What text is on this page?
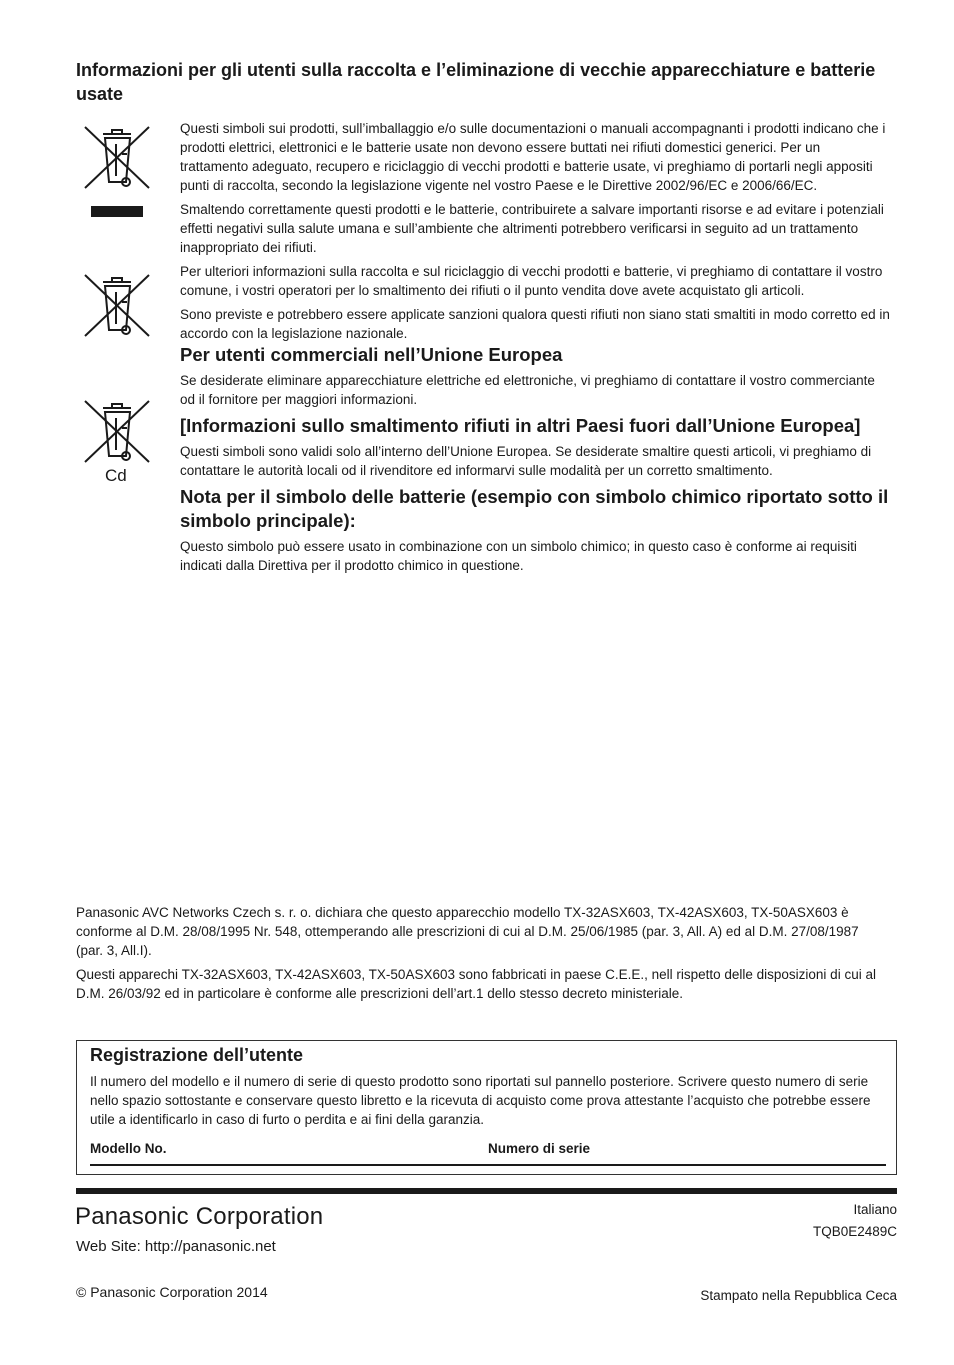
Informazioni per gli utenti sulla raccolta e l’eliminazione di vecchie apparecchiature e batterie usate
Cd

Questi simboli sui prodotti, sull’imballaggio e/o sulle documentazioni o manuali accompagnanti i prodotti indicano che i prodotti elettrici, elettronici e le batterie usate non devono essere buttati nei rifiuti domestici generici. Per un trattamento adeguato, recupero e riciclaggio di vecchi prodotti e batterie usate, vi preghiamo di portarli negli appositi punti di raccolta, secondo la legislazione vigente nel vostro Paese e le Direttive 2002/96/EC e 2006/66/EC.

Smaltendo correttamente questi prodotti e le batterie, contribuirete a salvare importanti risorse e ad evitare i potenziali effetti negativi sulla salute umana e sull’ambiente che altrimenti potrebbero verificarsi in seguito ad un trattamento inappropriato dei rifiuti.

Per ulteriori informazioni sulla raccolta e sul riciclaggio di vecchi prodotti e batterie, vi preghiamo di contattare il vostro comune, i vostri operatori per lo smaltimento dei rifiuti o il punto vendita dove avete acquistato gli articoli.

Sono previste e potrebbero essere applicate sanzioni qualora questi rifiuti non siano stati smaltiti in modo corretto ed in accordo con la legislazione nazionale.

Per utenti commerciali nell’Unione Europea

Se desiderate eliminare apparecchiature elettriche ed elettroniche, vi preghiamo di contattare il vostro commerciante od il fornitore per maggiori informazioni.

[Informazioni sullo smaltimento rifiuti in altri Paesi fuori dall’Unione Europea]

Questi simboli sono validi solo all’interno dell’Unione Europea. Se desiderate smaltire questi articoli, vi preghiamo di contattare le autorità locali od il rivenditore ed informarvi sulle modalità per un corretto smaltimento.

Nota per il simbolo delle batterie (esempio con simbolo chimico riportato sotto il simbolo principale):

Questo simbolo può essere usato in combinazione con un simbolo chimico; in questo caso è conforme ai requisiti indicati dalla Direttiva per il prodotto chimico in questione.

Panasonic AVC Networks Czech s. r. o. dichiara che questo apparecchio modello TX-32ASX603, TX-42ASX603, TX-50ASX603 è conforme al D.M. 28/08/1995 Nr. 548, ottemperando alle prescrizioni di cui al D.M. 25/06/1985 (par. 3, All. A) ed al D.M. 27/08/1987 (par. 3, All.I).

Questi apparechi TX-32ASX603, TX-42ASX603, TX-50ASX603 sono fabbricati in paese C.E.E., nell rispetto delle disposizioni di cui al D.M. 26/03/92 ed in particolare è conforme alle prescrizioni dell’art.1 dello stesso decreto ministeriale.

Registrazione dell’utente
Il numero del modello e il numero di serie di questo prodotto sono riportati sul pannello posteriore. Scrivere questo numero di serie nello spazio sottostante e conservare questo libretto e la ricevuta di acquisto come prova attestante l’acquisto che potrebbe essere utile a identificarlo in caso di furto o perdita e ai fini della garanzia.
Modello No.	Numero di serie
Panasonic Corporation
Web Site: http://panasonic.net
Italiano
TQB0E2489C
© Panasonic Corporation 2014	Stampato nella Repubblica Ceca
